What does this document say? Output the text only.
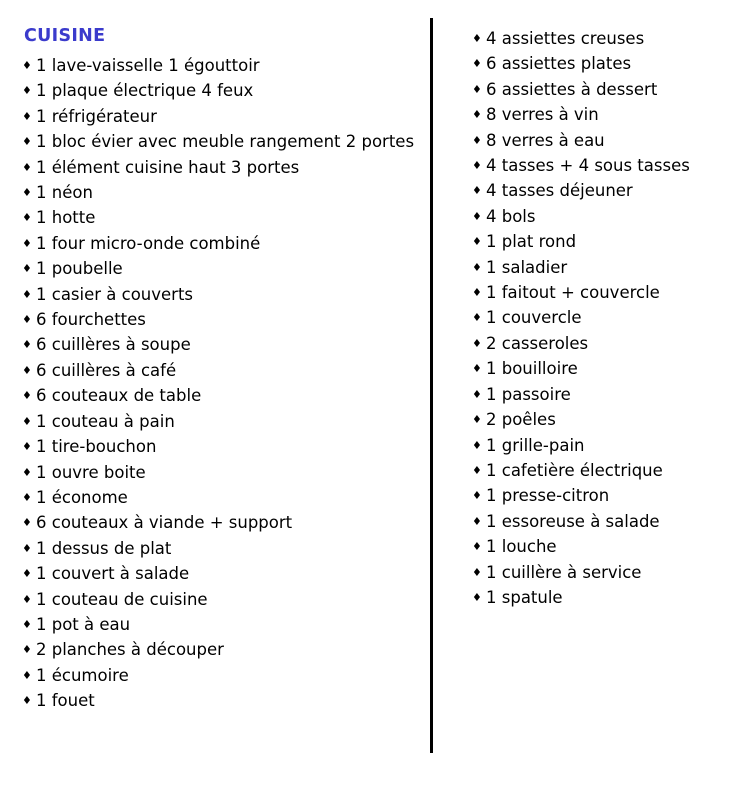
CUISINE
♦ 1 lave-vaisselle 1 égouttoir
♦ 1 plaque électrique 4 feux
♦ 1 réfrigérateur
♦ 1 bloc évier avec meuble rangement 2 portes
♦ 1 élément cuisine haut 3 portes
♦ 1 néon
♦ 1 hotte
♦ 1 four micro-onde combiné
♦ 1 poubelle
♦ 1 casier à couverts
♦ 6 fourchettes
♦ 6 cuillères à soupe
♦ 6 cuillères à café
♦ 6 couteaux de table
♦ 1 couteau à pain
♦ 1 tire-bouchon
♦ 1 ouvre boite
♦ 1 économe
♦ 6 couteaux à viande + support
♦ 1 dessus de plat
♦ 1 couvert à salade
♦ 1 couteau de cuisine
♦ 1 pot à eau
♦ 2 planches à découper
♦ 1 écumoire
♦ 1 fouet
♦ 4 assiettes creuses
♦ 6 assiettes plates
♦ 6 assiettes à dessert
♦ 8 verres à vin
♦ 8 verres à eau
♦ 4 tasses + 4 sous tasses
♦ 4 tasses déjeuner
♦ 4 bols
♦ 1 plat rond
♦ 1 saladier
♦ 1 faitout + couvercle
♦ 1 couvercle
♦ 2 casseroles
♦ 1 bouilloire
♦ 1 passoire
♦ 2 poêles
♦ 1 grille-pain
♦ 1 cafetière électrique
♦ 1 presse-citron
♦ 1 essoreuse à salade
♦ 1 louche
♦ 1 cuillère à service
♦ 1 spatule
